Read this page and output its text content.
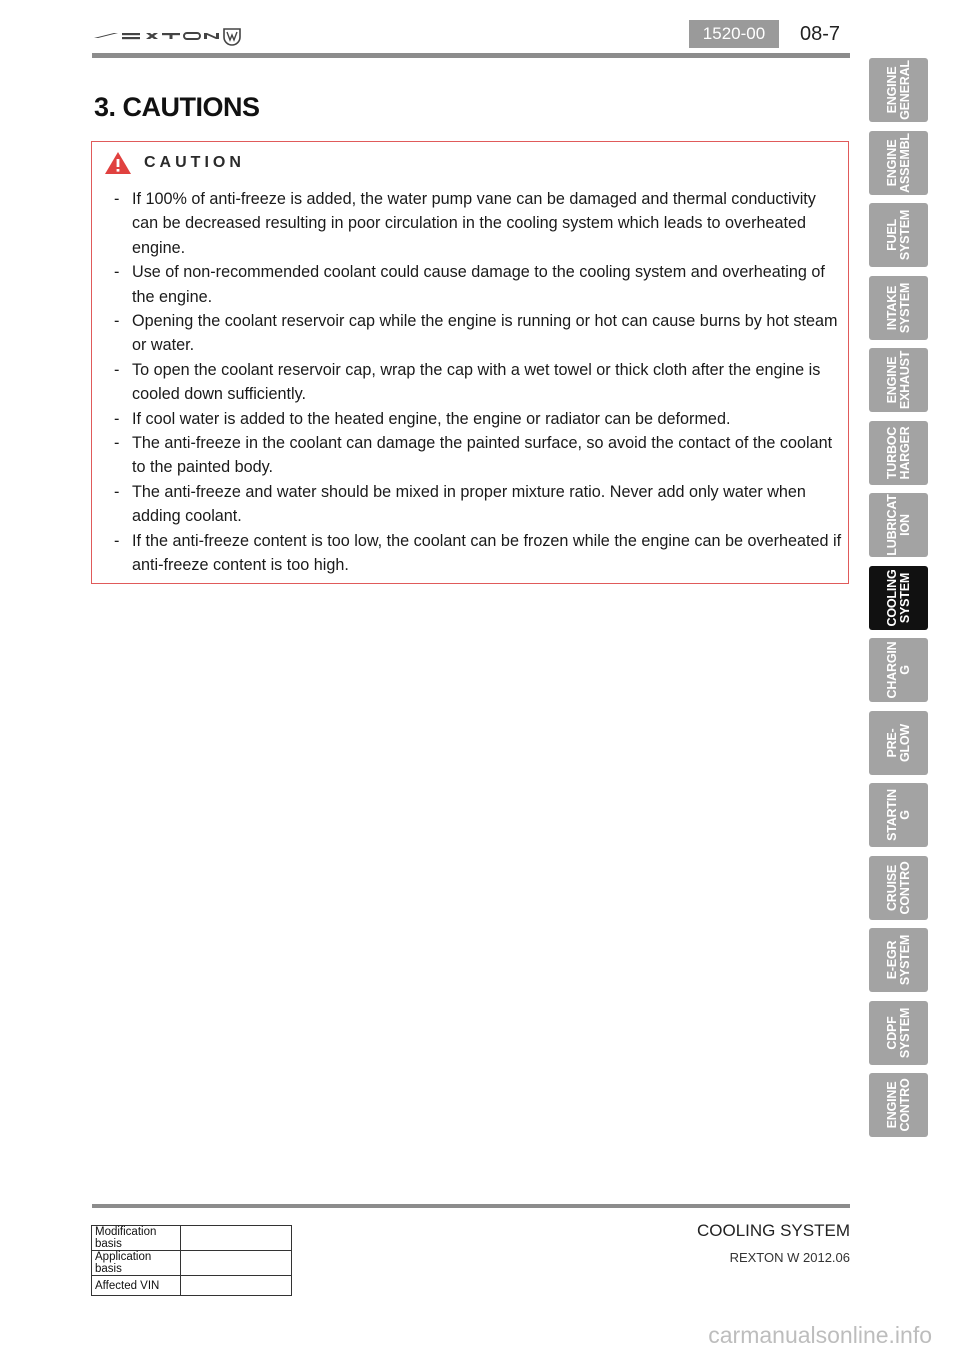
1520-00	08-7
3. CAUTIONS
CAUTION
- If 100% of anti-freeze is added, the water pump vane can be damaged and thermal conductivity can be decreased resulting in poor circulation in the cooling system which leads to overheated engine.
- Use of non-recommended coolant could cause damage to the cooling system and overheating of the engine.
- Opening the coolant reservoir cap while the engine is running or hot can cause burns by hot steam or water.
- To open the coolant reservoir cap, wrap the cap with a wet towel or thick cloth after the engine is cooled down sufficiently.
- If cool water is added to the heated engine, the engine or radiator can be deformed.
- The anti-freeze in the coolant can damage the painted surface, so avoid the contact of the coolant to the painted body.
- The anti-freeze and water should be mixed in proper mixture ratio. Never add only water when adding coolant.
- If the anti-freeze content is too low, the coolant can be frozen while the engine can be overheated if anti-freeze content is too high.
ENGINE
GENERAL
ENGINE
ASSEMBL
FUEL
SYSTEM
INTAKE
SYSTEM
ENGINE
EXHAUST
TURBOC
HARGER
LUBRICAT
ION
COOLING
SYSTEM
CHARGIN
G
PRE-
GLOW
STARTIN
G
CRUISE
CONTRO
E-EGR
SYSTEM
CDPF
SYSTEM
ENGINE
CONTRO
Modification basis	
Application basis	
Affected VIN	
COOLING SYSTEM
REXTON W 2012.06
carmanualsonline.info
